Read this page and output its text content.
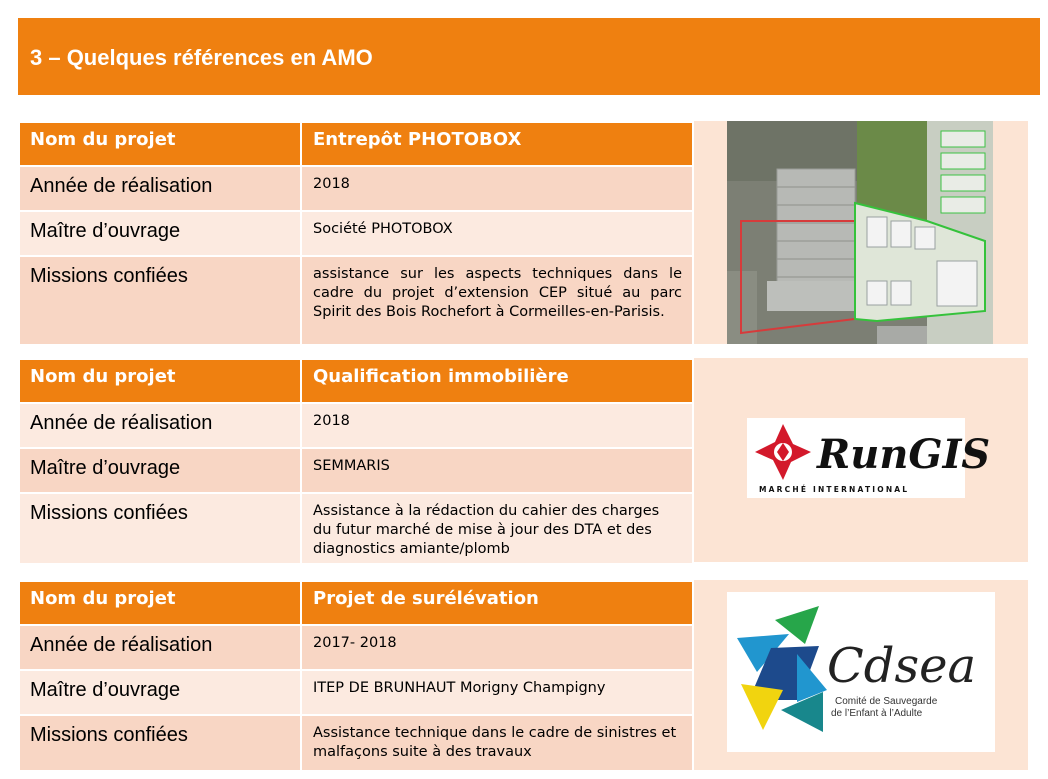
3 – Quelques références en AMO
Nom du projet	Entrepôt PHOTOBOX

Année de réalisation	2018

Maître d’ouvrage	Société PHOTOBOX

Missions confiées	assistance sur les aspects techniques dans le cadre du projet d’extension CEP situé au parc Spirit des Bois Rochefort à Cormeilles-en-Parisis.
Nom du projet	Qualification immobilière

Année de réalisation	2018

Maître d’ouvrage	SEMMARIS

Missions confiées	Assistance à la rédaction du cahier des charges du futur marché de mise à jour des DTA et des diagnostics amiante/plomb
RunGIS
MARCHÉ INTERNATIONAL
Nom du projet	Projet de surélévation

Année de réalisation	2017- 2018

Maître d’ouvrage	ITEP DE BRUNHAUT Morigny Champigny

Missions confiées	Assistance technique dans le cadre de sinistres et malfaçons suite à des travaux
Cdsea
Comité de Sauvegarde
de l’Enfant à l’Adulte
